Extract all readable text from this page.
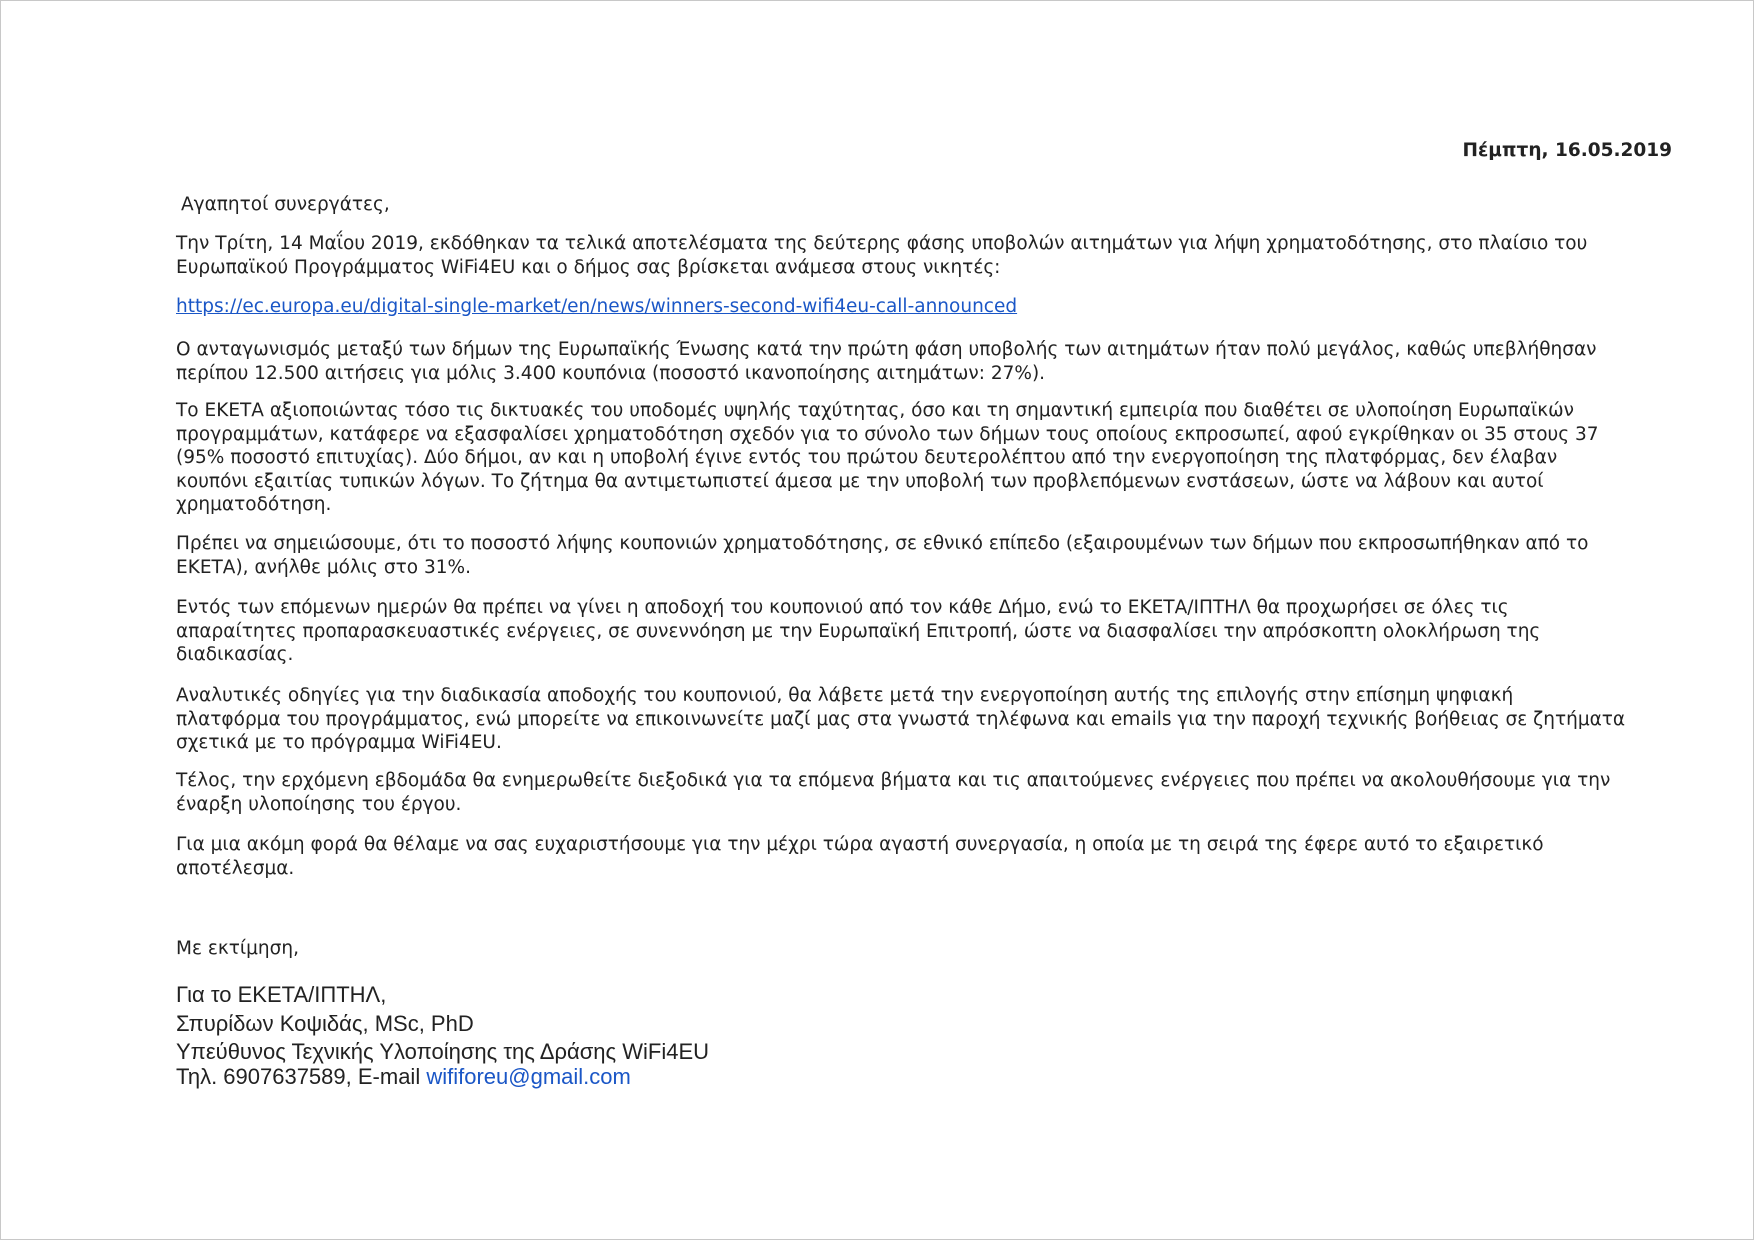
Πέμπτη, 16.05.2019
Αγαπητοί συνεργάτες,
Την Τρίτη, 14 Μαΐου 2019, εκδόθηκαν τα τελικά αποτελέσματα της δεύτερης φάσης υποβολών αιτημάτων για λήψη χρηματοδότησης, στο πλαίσιο του
Ευρωπαϊκού Προγράμματος WiFi4EU και ο δήμος σας βρίσκεται ανάμεσα στους νικητές:
https://ec.europa.eu/digital-single-market/en/news/winners-second-wifi4eu-call-announced
Ο ανταγωνισμός μεταξύ των δήμων της Ευρωπαϊκής Ένωσης κατά την πρώτη φάση υποβολής των αιτημάτων ήταν πολύ μεγάλος, καθώς υπεβλήθησαν
περίπου 12.500 αιτήσεις για μόλις 3.400 κουπόνια (ποσοστό ικανοποίησης αιτημάτων: 27%).
Το ΕΚΕΤΑ αξιοποιώντας τόσο τις δικτυακές του υποδομές υψηλής ταχύτητας, όσο και τη σημαντική εμπειρία που διαθέτει σε υλοποίηση Ευρωπαϊκών
προγραμμάτων, κατάφερε να εξασφαλίσει χρηματοδότηση σχεδόν για το σύνολο των δήμων τους οποίους εκπροσωπεί, αφού εγκρίθηκαν οι 35 στους 37
(95% ποσοστό επιτυχίας). Δύο δήμοι, αν και η υποβολή έγινε εντός του πρώτου δευτερολέπτου από την ενεργοποίηση της πλατφόρμας, δεν έλαβαν
κουπόνι εξαιτίας τυπικών λόγων. Το ζήτημα θα αντιμετωπιστεί άμεσα με την υποβολή των προβλεπόμενων ενστάσεων, ώστε να λάβουν και αυτοί
χρηματοδότηση.
Πρέπει να σημειώσουμε, ότι το ποσοστό λήψης κουπονιών χρηματοδότησης, σε εθνικό επίπεδο (εξαιρουμένων των δήμων που εκπροσωπήθηκαν από το
ΕΚΕΤΑ), ανήλθε μόλις στο 31%.
Εντός των επόμενων ημερών θα πρέπει να γίνει η αποδοχή του κουπονιού από τον κάθε Δήμο, ενώ το ΕΚΕΤΑ/ΙΠΤΗΛ θα προχωρήσει σε όλες τις
απαραίτητες προπαρασκευαστικές ενέργειες, σε συνεννόηση με την Ευρωπαϊκή Επιτροπή, ώστε να διασφαλίσει την απρόσκοπτη ολοκλήρωση της
διαδικασίας.
Αναλυτικές οδηγίες για την διαδικασία αποδοχής του κουπονιού, θα λάβετε μετά την ενεργοποίηση αυτής της επιλογής στην επίσημη ψηφιακή
πλατφόρμα του προγράμματος, ενώ μπορείτε να επικοινωνείτε μαζί μας στα γνωστά τηλέφωνα και emails για την παροχή τεχνικής βοήθειας σε ζητήματα
σχετικά με το πρόγραμμα WiFi4EU.
Τέλος, την ερχόμενη εβδομάδα θα ενημερωθείτε διεξοδικά για τα επόμενα βήματα και τις απαιτούμενες ενέργειες που πρέπει να ακολουθήσουμε για την
έναρξη υλοποίησης του έργου.
Για μια ακόμη φορά θα θέλαμε να σας ευχαριστήσουμε για την μέχρι τώρα αγαστή συνεργασία, η οποία με τη σειρά της έφερε αυτό το εξαιρετικό
αποτέλεσμα.
Με εκτίμηση,
Για το ΕΚΕΤΑ/ΙΠΤΗΛ,
Σπυρίδων Κοψιδάς, MSc, PhD
Υπεύθυνος Τεχνικής Υλοποίησης της Δράσης WiFi4EU
Τηλ. 6907637589, E-mail wififoreu@gmail.com
